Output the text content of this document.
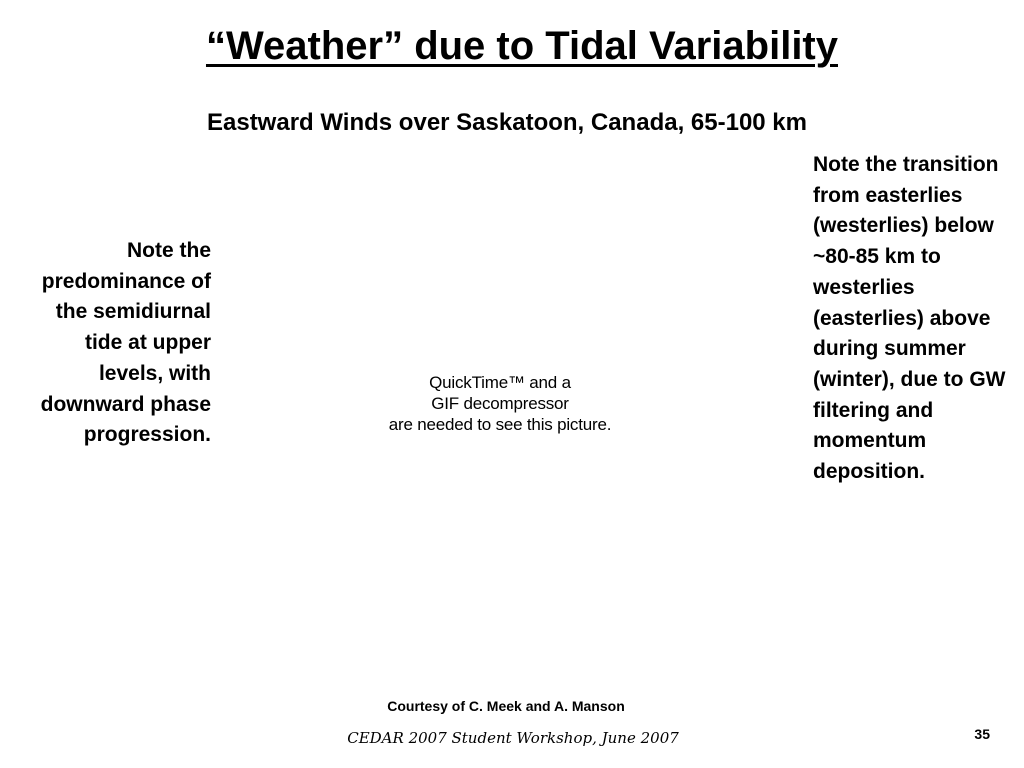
“Weather” due to Tidal Variability
Eastward Winds over Saskatoon, Canada, 65-100 km
Note the predominance of the semidiurnal tide at upper levels, with downward phase progression.
QuickTime™ and a
GIF decompressor
are needed to see this picture.
Note the transition from easterlies (westerlies) below ~80-85 km to westerlies (easterlies) above during summer (winter), due to GW filtering and momentum deposition.
Courtesy of C. Meek and A. Manson
CEDAR 2007 Student Workshop, June 2007	35
